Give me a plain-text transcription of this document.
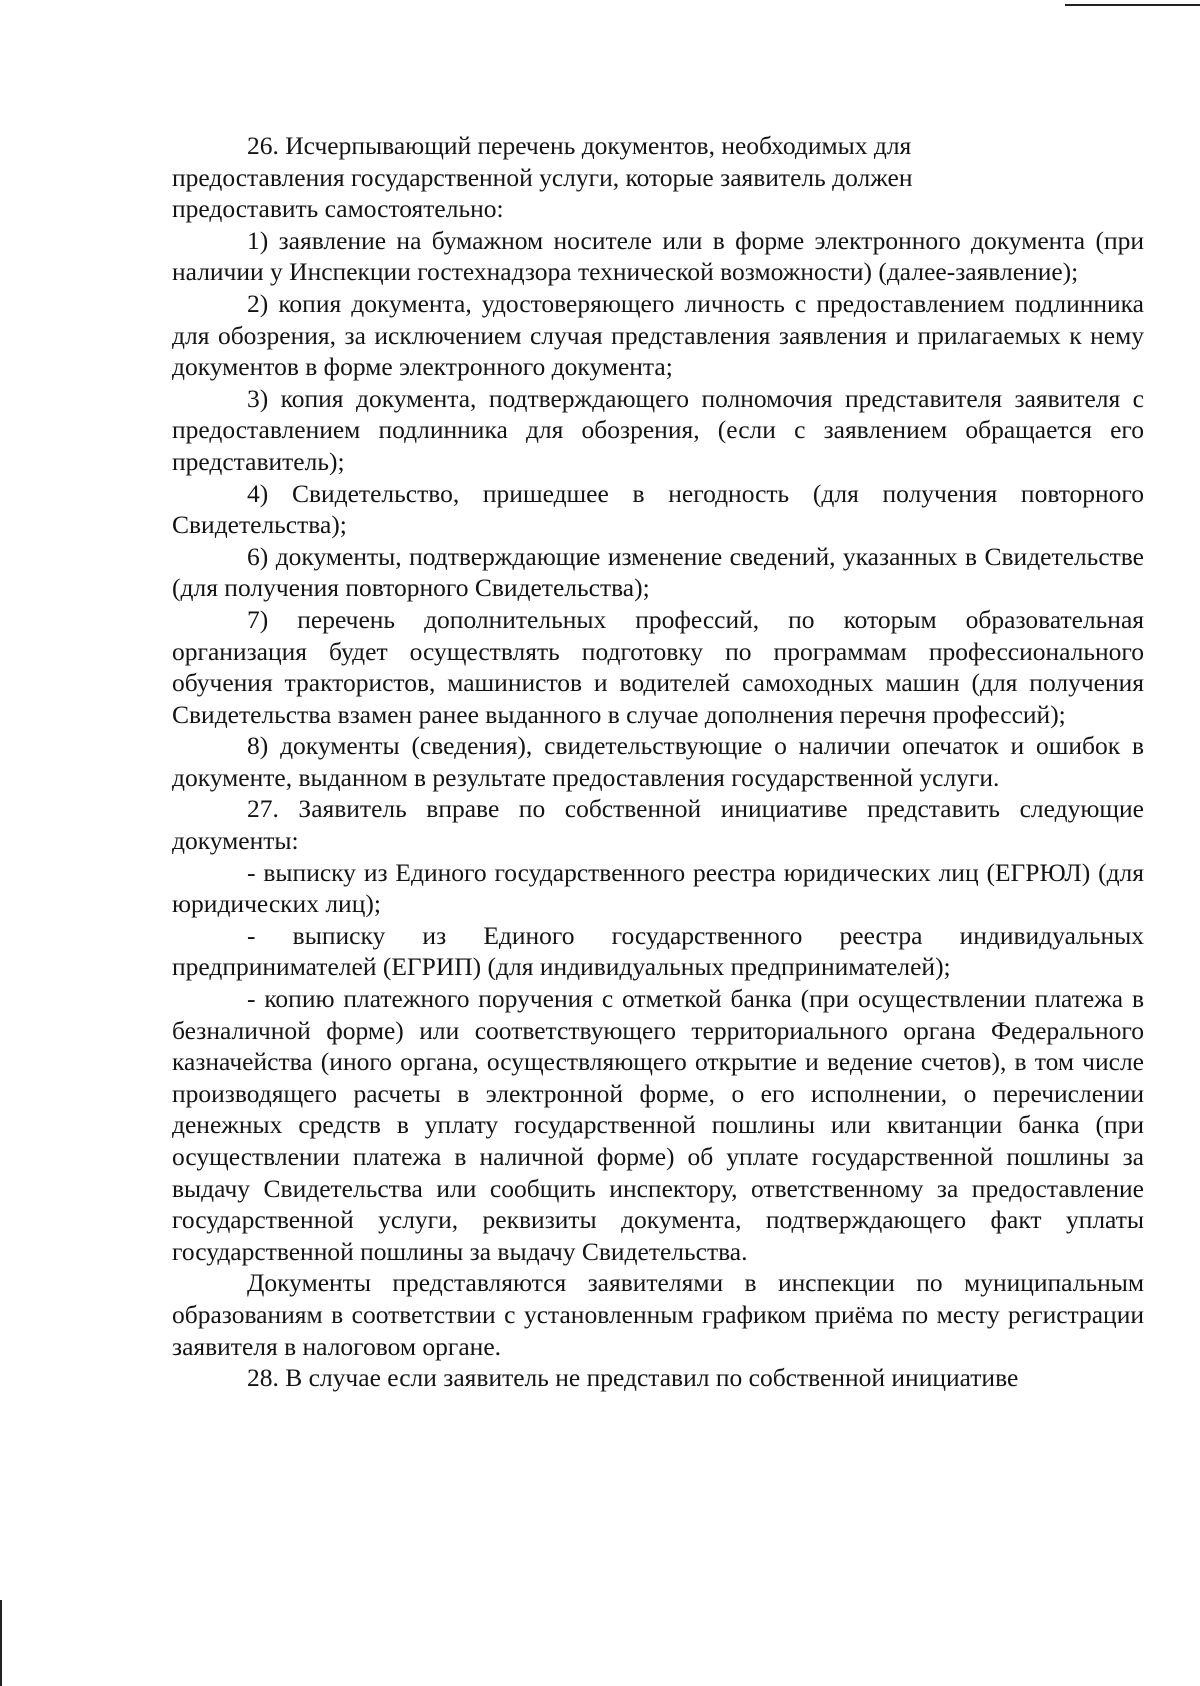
26. Исчерпывающий перечень документов, необходимых для
предоставления государственной услуги, которые заявитель должен
предоставить самостоятельно:

1) заявление на бумажном носителе или в форме электронного документа (при наличии у Инспекции гостехнадзора технической возможности) (далее-заявление);

2) копия документа, удостоверяющего личность с предоставлением подлинника для обозрения, за исключением случая представления заявления и прилагаемых к нему документов в форме электронного документа;

3) копия документа, подтверждающего полномочия представителя заявителя с предоставлением подлинника для обозрения, (если с заявлением обращается его представитель);

4) Свидетельство, пришедшее в негодность (для получения повторного Свидетельства);

6) документы, подтверждающие изменение сведений, указанных в Свидетельстве (для получения повторного Свидетельства);

7) перечень дополнительных профессий, по которым образовательная организация будет осуществлять подготовку по программам профессионального обучения трактористов, машинистов и водителей самоходных машин (для получения Свидетельства взамен ранее выданного в случае дополнения перечня профессий);

8) документы (сведения), свидетельствующие о наличии опечаток и ошибок в документе, выданном в результате предоставления государственной услуги.

27. Заявитель вправе по собственной инициативе представить следующие документы:

- выписку из Единого государственного реестра юридических лиц (ЕГРЮЛ) (для юридических лиц);

- выписку из Единого государственного реестра индивидуальных предпринимателей (ЕГРИП) (для индивидуальных предпринимателей);

- копию платежного поручения с отметкой банка (при осуществлении платежа в безналичной форме) или соответствующего территориального органа Федерального казначейства (иного органа, осуществляющего открытие и ведение счетов), в том числе производящего расчеты в электронной форме, о его исполнении, о перечислении денежных средств в уплату государственной пошлины или квитанции банка (при осуществлении платежа в наличной форме) об уплате государственной пошлины за выдачу Свидетельства или сообщить инспектору, ответственному за предоставление государственной услуги, реквизиты документа, подтверждающего факт уплаты государственной пошлины за выдачу Свидетельства.

Документы представляются заявителями в инспекции по муниципальным образованиям в соответствии с установленным графиком приёма по месту регистрации заявителя в налоговом органе.

28. В случае если заявитель не представил по собственной инициативе
